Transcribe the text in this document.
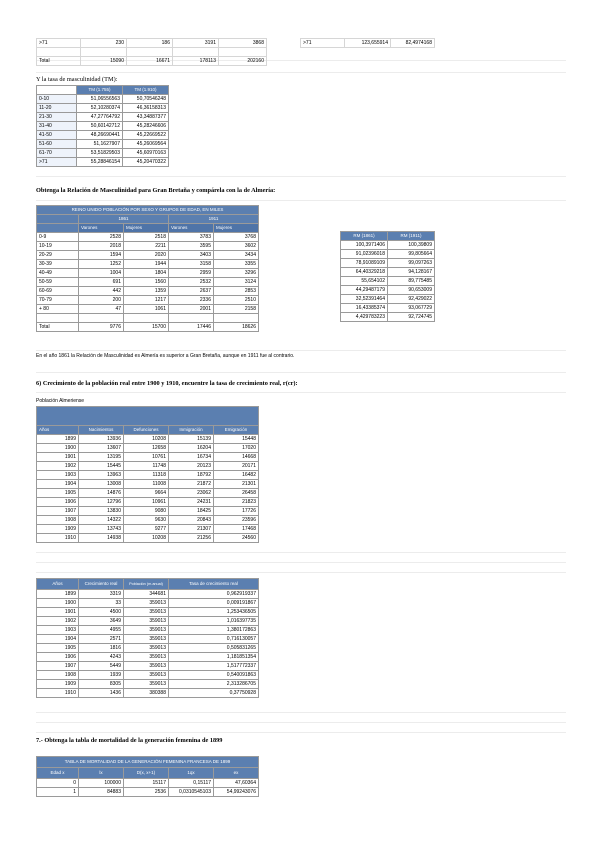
>71	230	186	3191	3868

Total	15090	16671	178113	202160
>71	123,655914	82,4974168
Y la tasa de masculinidad (TM):
	TM (1.755)	TM (1.910)
0-10	51,06556563	50,70546248
11-20	52,10280374	46,36158313
21-30	47,27764792	43,34887377
31-40	50,60142712	45,28246606
41-50	48,26690441	45,22669522
51-60	51,1627907	45,26069564
61-70	53,51829503	45,60970163
>71	55,28846154	45,20470322
Obtenga la Relación de Masculinidad para Gran Bretaña y compárela con la de Almería:
REINO UNIDO POBLACIÓN POR SEXO Y GRUPOS DE EDAD, EN MILES				
	1861		1911	
	Varones	Mujeres	Varones	Mujeres
0-9	2528	2518	3783	3768
10-19	2018	2211	3595	3602
20-29	1594	2020	3403	3434
30-39	1252	1944	3158	3355
40-49	1004	1804	2959	3296
50-59	691	1560	2532	3124
60-69	442	1359	2637	2853
70-79	200	1217	2336	2510
+ 80	47	1061	2001	2158

Total	9776	15700	17446	18626
RM (1861)	RM (1911)
100,3971406	100,39809
91,02396018	99,805664
78,91089109	99,097263
64,40329218	94,128167
55,654102	89,775485
44,29487179	90,653009
32,52391464	92,429022
16,43385374	93,067729
4,429783223	92,724745
En el año 1861 la Relación de Masculinidad es Almería es superior a Gran Bretaña, aunque en 1911 fue al contrario.
6) Crecimiento de la población real entre 1900 y 1910, encuentre la tasa de crecimiento real, r(cr):
Población Almeriense

Años	Nacimientos	Defunciones	Inmigración	Emigración
1899	13936	10208	15139	15448
1900	13607	12658	16204	17020
1901	13195	10761	16734	14668
1902	15445	11748	20123	20171
1903	13963	11318	18792	16482
1904	13008	11008	21872	21301
1905	14876	9664	23062	26458
1906	12796	10961	24231	21823
1907	13830	9080	18425	17726
1908	14322	9630	20843	23596
1909	13743	9277	21307	17468
1910	14938	10208	21256	24560
Años	Crecimiento real	Población (m.anual)	Tasa de crecimiento real
1899	3319	344681	0,962919337
1900	33	359013	0,009191867
1901	4500	359013	1,253436505
1902	3649	359013	1,016397735
1903	4955	359013	1,380172863
1904	2571	359013	0,716130057
1905	1816	359013	0,505831265
1906	4243	359013	1,181851354
1907	5449	359013	1,517772337
1908	1939	359013	0,540091863
1909	8305	359013	2,313286705
1910	1436	380388	0,37750928
7.- Obtenga la tabla de mortalidad de la generación femenina de 1899
TABLA DE MORTALIDAD DE LA GENERACIÓN FEMENINA FRANCESA DE 1899				
Edad x	lx	D(x, x+1)	1qx	ex
0	100000	15117	0,15117	47,60364
1	84883	2536	0,0310545103	54,99243076
